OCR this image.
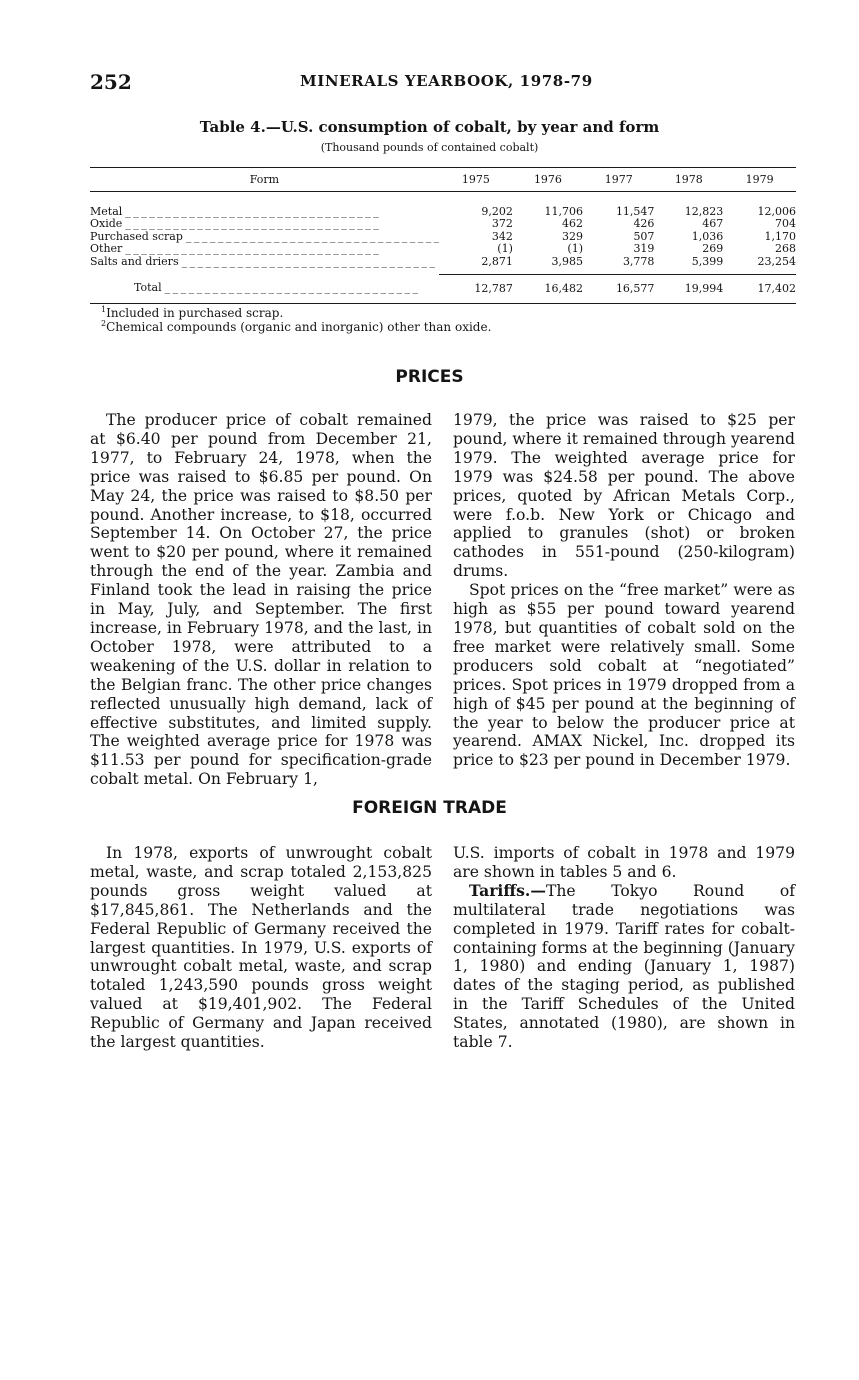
252	MINERALS YEARBOOK, 1978-79
Table 4.—U.S. consumption of cobalt, by year and form
(Thousand pounds of contained cobalt)
Form	1975	1976	1977	1978	1979
Metal _ _ _	9,202	11,706	11,547	12,823	12,006
Oxide _ _ _	372	462	426	467	704
Purchased scrap _ _ _	342	329	507	1,036	1,170
Other _ _ _	(1)	(1)	319	269	268
Salts and driers _ _ _	2,871	3,985	3,778	5,399	23,254
Total _ _ _	12,787	16,482	16,577	19,994	17,402
$^1$Included in purchased scrap.
$^2$Chemical compounds (organic and inorganic) other than oxide.
PRICES

The producer price of cobalt remained at $6.40 per pound from December 21, 1977, to February 24, 1978, when the price was raised to $6.85 per pound. On May 24, the price was raised to $8.50 per pound. Another increase, to $18, occurred September 14. On October 27, the price went to $20 per pound, where it remained through the end of the year. Zambia and Finland took the lead in raising the price in May, July, and September. The first increase, in February 1978, and the last, in October 1978, were attributed to a weakening of the U.S. dollar in relation to the Belgian franc. The other price changes reflected unusually high demand, lack of effective substitutes, and limited supply. The weighted average price for 1978 was $11.53 per pound for specification-grade cobalt metal. On February 1,

1979, the price was raised to $25 per pound, where it remained through yearend 1979. The weighted average price for 1979 was $24.58 per pound. The above prices, quoted by African Metals Corp., were f.o.b. New York or Chicago and applied to granules (shot) or broken cathodes in 551-pound (250-kilogram) drums.

Spot prices on the “free market” were as high as $55 per pound toward yearend 1978, but quantities of cobalt sold on the free market were relatively small. Some producers sold cobalt at “negotiated” prices. Spot prices in 1979 dropped from a high of $45 per pound at the beginning of the year to below the producer price at yearend. AMAX Nickel, Inc. dropped its price to $23 per pound in December 1979.

FOREIGN TRADE

In 1978, exports of unwrought cobalt metal, waste, and scrap totaled 2,153,825 pounds gross weight valued at $17,845,861. The Netherlands and the Federal Republic of Germany received the largest quantities. In 1979, U.S. exports of unwrought cobalt metal, waste, and scrap totaled 1,243,590 pounds gross weight valued at $19,401,902. The Federal Republic of Germany and Japan received the largest quantities.

U.S. imports of cobalt in 1978 and 1979 are shown in tables 5 and 6.

Tariffs.—The Tokyo Round of multilateral trade negotiations was completed in 1979. Tariff rates for cobalt-containing forms at the beginning (January 1, 1980) and ending (January 1, 1987) dates of the staging period, as published in the Tariff Schedules of the United States, annotated (1980), are shown in table 7.
